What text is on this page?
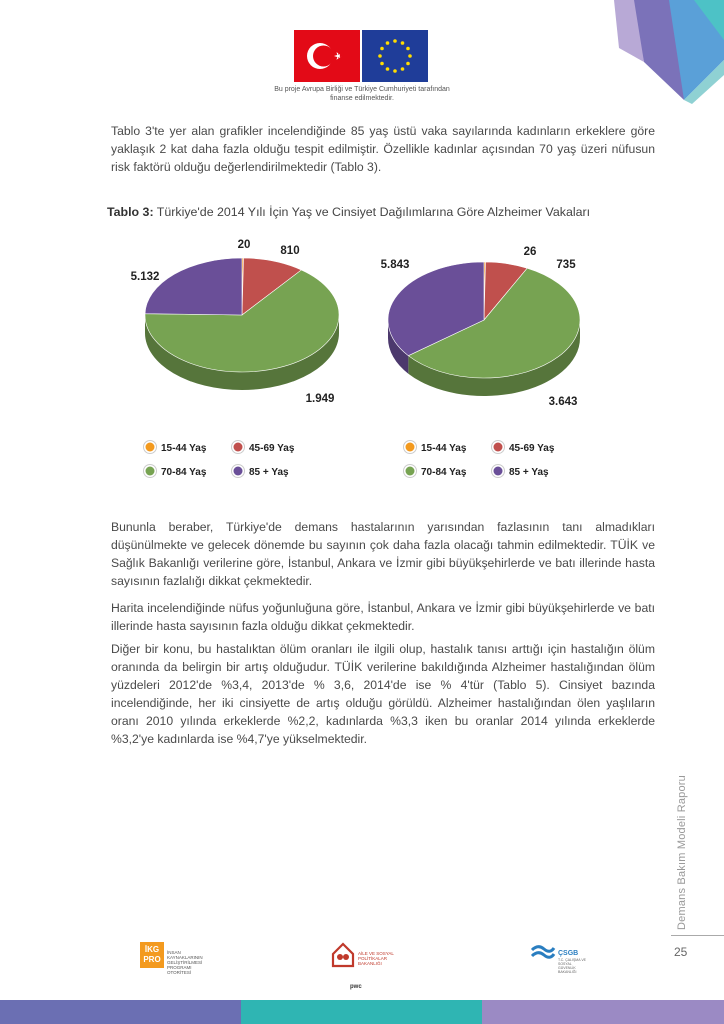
Bu proje Avrupa Birliği ve Türkiye Cumhuriyeti tarafından finanse edilmektedir.

Tablo 3'te yer alan grafikler incelendiğinde 85 yaş üstü vaka sayılarında kadınların erkeklere göre yaklaşık 2 kat daha fazla olduğu tespit edilmiştir. Özellikle kadınlar açısından 70 yaş üzeri nüfusun risk faktörü olduğu değerlendirilmektedir (Tablo 3).

Tablo 3: Türkiye'de 2014 Yılı İçin Yaş ve Cinsiyet Dağılımlarına Göre Alzheimer Vakaları
20	810
5.132
1.949
15-44 Yaş	45-69 Yaş
70-84 Yaş	85 + Yaş
26
735
5.843
3.643
15-44 Yaş	45-69 Yaş
70-84 Yaş	85 + Yaş

Bununla beraber, Türkiye'de demans hastalarının yarısından fazlasının tanı almadıkları düşünülmekte ve gelecek dönemde bu sayının çok daha fazla olacağı tahmin edilmektedir. TÜİK ve Sağlık Bakanlığı verilerine göre, İstanbul, Ankara ve İzmir gibi büyükşehirlerde ve batı illerinde hasta sayısının fazlalığı dikkat çekmektedir.

Harita incelendiğinde nüfus yoğunluğuna göre, İstanbul, Ankara ve İzmir gibi büyükşehirlerde ve batı illerinde hasta sayısının fazla olduğu dikkat çekmektedir.

Diğer bir konu, bu hastalıktan ölüm oranları ile ilgili olup, hastalık tanısı arttığı için hastalığın ölüm oranında da belirgin bir artış olduğudur. TÜİK verilerine bakıldığında Alzheimer hastalığından ölüm yüzdeleri 2012'de %3,4, 2013'de % 3,6, 2014'de ise % 4'tür (Tablo 5). Cinsiyet bazında incelendiğinde, her iki cinsiyette de artış olduğu görüldü. Alzheimer hastalığından ölen yaşlıların oranı 2010 yılında erkeklerde %2,2, kadınlarda %3,3 iken bu oranlar 2014 yılında erkeklerde %3,2'ye kadınlarda ise %4,7'ye yükselmektedir.

Demans Bakım Modeli Raporu
25
İKG PRO
İNSAN KAYNAKLARININ GELİŞTİRİLMESİ PROGRAMI OTORİTESİ
AİLE VE SOSYAL POLİTİKALAR BAKANLIĞI
pwc
ÇSGB
T.C. ÇALIŞMA VE SOSYAL GÜVENLİK BAKANLIĞI
